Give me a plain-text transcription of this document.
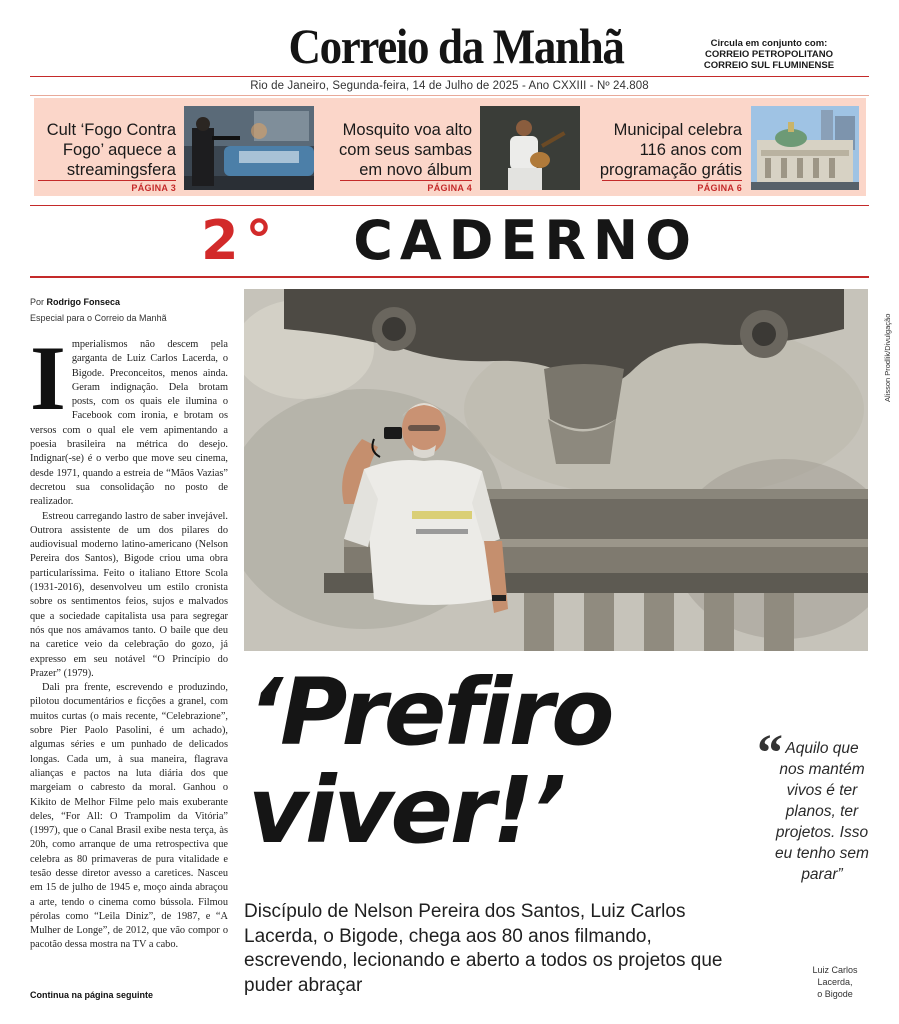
Correio da Manhã	Circula em conjunto com:
CORREIO PETROPOLITANO
CORREIO SUL FLUMINENSE
Rio de Janeiro, Segunda-feira, 14 de Julho de 2025 - Ano CXXIII - Nº 24.808
Cult ‘Fogo Contra
Fogo’ aquece a
streamingsfera
PÁGINA 3
Mosquito voa alto
com seus sambas
em novo álbum
PÁGINA 4
Municipal celebra
116 anos com
programação grátis
PÁGINA 6
2° CADERNO
Por Rodrigo Fonseca
Especial para o Correio da Manhã

Imperialismos não descem pela garganta de Luiz Carlos Lacerda, o Bigode. Preconceitos, menos ainda. Geram indignação. Dela brotam posts, com os quais ele ilumina o Facebook com ironia, e brotam os versos com o qual ele vem apimentando a poesia brasileira na métrica do desejo. Indignar(-se) é o verbo que move seu cinema, desde 1971, quando a estreia de “Mãos Vazias” decretou sua consolidação no posto de realizador.

Estreou carregando lastro de saber invejável. Outrora assistente de um dos pilares do audiovisual moderno latino-americano (Nelson Pereira dos Santos), Bigode criou uma obra particularíssima. Feito o italiano Ettore Scola (1931-2016), desenvolveu um estilo cronista sobre os sentimentos feios, sujos e malvados que a sociedade capitalista usa para segregar nós que nos amávamos tanto. O baile que deu na caretice veio da celebração do gozo, já expresso em seu notável “O Princípio do Prazer” (1979).

Dali pra frente, escrevendo e produzindo, pilotou documentários e ficções a granel, com muitos curtas (o mais recente, “Celebrazione”, sobre Pier Paolo Pasolini, é um achado), algumas séries e um punhado de delicados longas. Cada um, à sua maneira, flagrava alianças e pactos na luta diária dos que margeiam o cabresto da moral. Ganhou o Kikito de Melhor Filme pelo mais exuberante deles, “For All: O Trampolim da Vitória” (1997), que o Canal Brasil exibe nesta terça, às 20h, como arranque de uma retrospectiva que celebra as 80 primaveras de pura vitalidade e tesão desse diretor avesso a caretices. Nasceu em 15 de julho de 1945 e, moço ainda abraçou a arte, tendo o cinema como bússola. Filmou pérolas como “Leila Diniz”, de 1987, e “A Mulher de Longe”, de 2012, que vão compor o pacotão dessa mostra na TV a cabo.

Continua na página seguinte
Alisson Prodlik/Divulgação
‘Prefiro
viver!’
Discípulo de Nelson Pereira dos Santos, Luiz Carlos Lacerda, o Bigode, chega aos 80 anos filmando, escrevendo, lecionando e aberto a todos os projetos que puder abraçar
“ Aquilo que nos mantém vivos é ter planos, ter projetos. Isso eu tenho sem parar”
Luiz Carlos
Lacerda,
o Bigode
